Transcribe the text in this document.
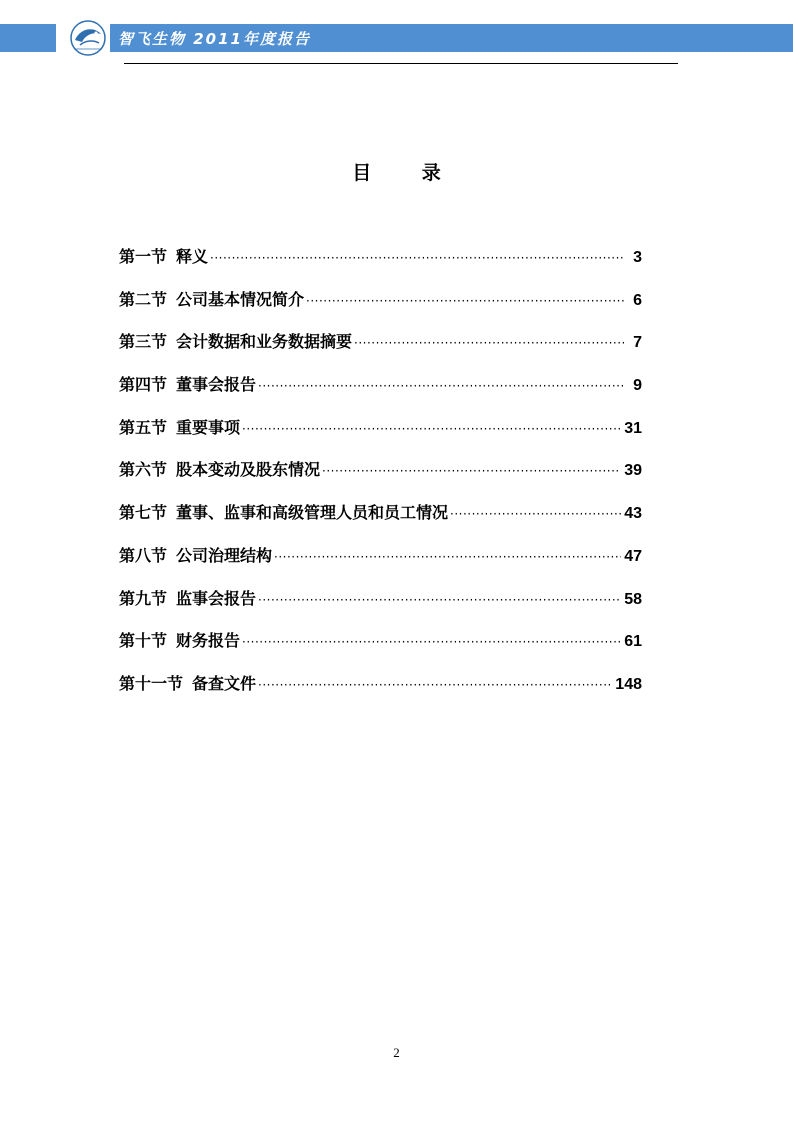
智飞生物 2011年度报告
目 录
第一节 释义 ·····	3
第二节 公司基本情况简介 ·····	6
第三节 会计数据和业务数据摘要 ·····	7
第四节 董事会报告 ·····	9
第五节 重要事项 ·····	31
第六节 股本变动及股东情况 ·····	39
第七节 董事、监事和高级管理人员和员工情况 ·····	43
第八节 公司治理结构 ·····	47
第九节 监事会报告 ·····	58
第十节 财务报告 ·····	61
第十一节 备查文件 ·····	148
2
